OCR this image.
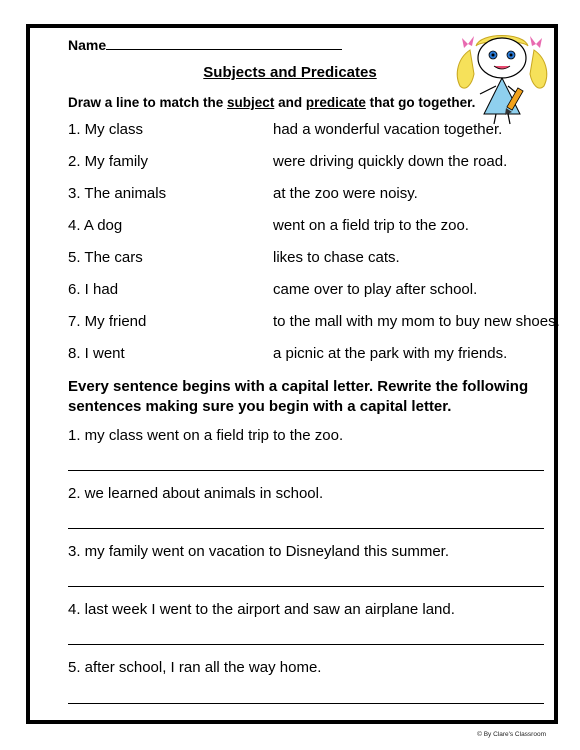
Name
Subjects and Predicates
Draw a line to match the subject and predicate that go together.
1. My class
2. My family
3. The animals
4. A dog
5. The cars
6. I had
7. My friend
8. I went
had a wonderful vacation together.
were driving quickly down the road.
at the zoo were noisy.
went on a field trip to the zoo.
likes to chase cats.
came over to play after school.
to the mall with my mom to buy new shoes.
a picnic at the park with my friends.
Every sentence begins with a capital letter. Rewrite the following sentences making sure you begin with a capital letter.
1. my class went on a field trip to the zoo.
2. we learned about animals in school.
3. my family went on vacation to Disneyland this summer.
4. last week I went to the airport and saw an airplane land.
5. after school, I ran all the way home.
© By Clare's Classroom
